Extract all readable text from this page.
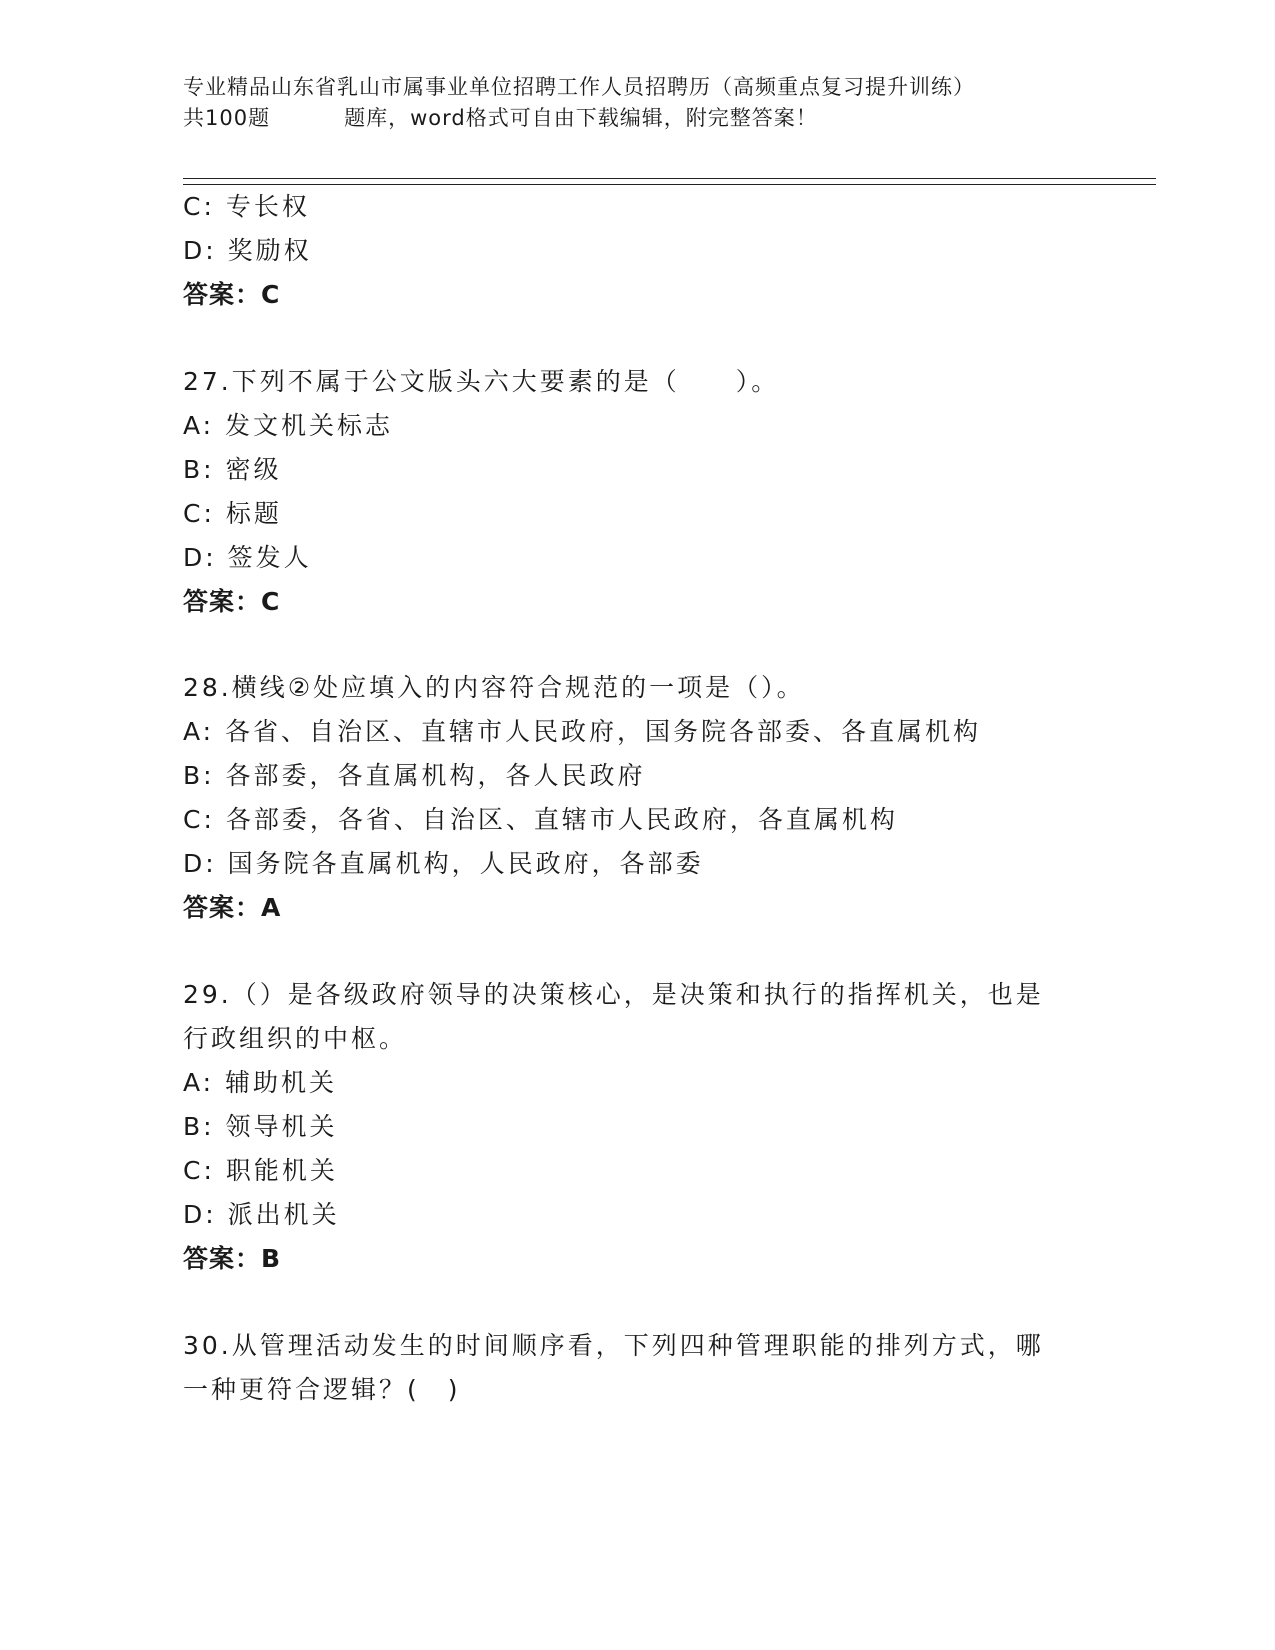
专业精品山东省乳山市属事业单位招聘工作人员招聘历（高频重点复习提升训练）
共100题	题库，word格式可自由下载编辑，附完整答案！
C: 专长权
D: 奖励权
答案：C
27.下列不属于公文版头六大要素的是（　　）。
A: 发文机关标志
B: 密级
C: 标题
D: 签发人
答案：C
28.横线②处应填入的内容符合规范的一项是（）。
A: 各省、自治区、直辖市人民政府，国务院各部委、各直属机构
B: 各部委，各直属机构，各人民政府
C: 各部委，各省、自治区、直辖市人民政府，各直属机构
D: 国务院各直属机构，人民政府，各部委
答案：A
29.（）是各级政府领导的决策核心，是决策和执行的指挥机关，也是
行政组织的中枢。
A: 辅助机关
B: 领导机关
C: 职能机关
D: 派出机关
答案：B
30.从管理活动发生的时间顺序看，下列四种管理职能的排列方式，哪
一种更符合逻辑？(　)
